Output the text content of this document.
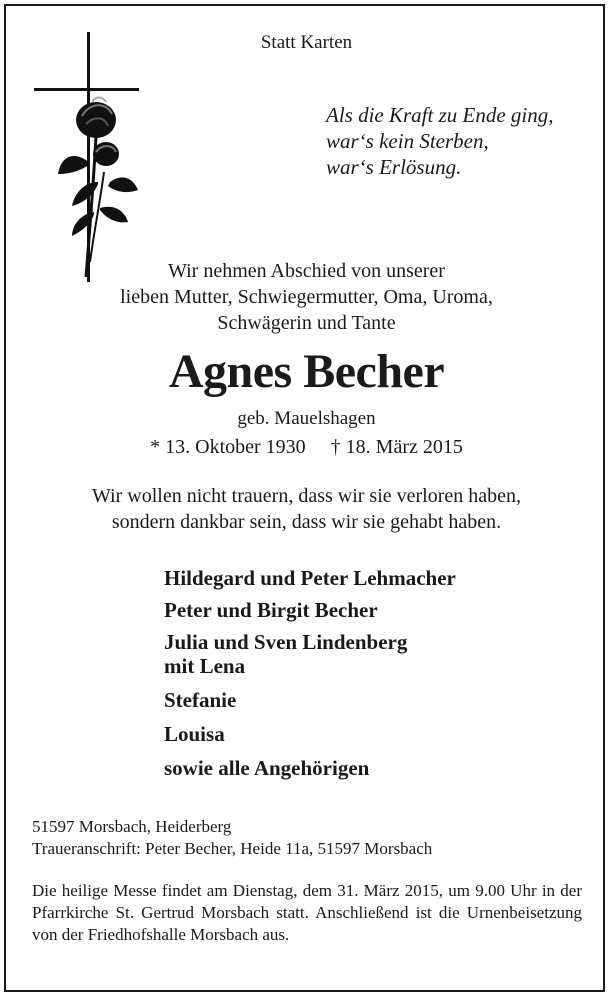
Statt Karten
Als die Kraft zu Ende ging,
war‘s kein Sterben,
war‘s Erlösung.
Wir nehmen Abschied von unserer
lieben Mutter, Schwiegermutter, Oma, Uroma,
Schwägerin und Tante
Agnes Becher
geb. Mauelshagen
* 13. Oktober 1930 † 18. März 2015
Wir wollen nicht trauern, dass wir sie verloren haben,
sondern dankbar sein, dass wir sie gehabt haben.
Hildegard und Peter Lehmacher
Peter und Birgit Becher
Julia und Sven Lindenberg
mit Lena
Stefanie
Louisa
sowie alle Angehörigen
51597 Morsbach, Heiderberg
Traueranschrift: Peter Becher, Heide 11a, 51597 Morsbach
Die heilige Messe findet am Dienstag, dem 31. März 2015, um 9.00 Uhr in der Pfarrkirche St. Gertrud Morsbach statt. Anschließend ist die Urnenbeisetzung von der Friedhofshalle Morsbach aus.
